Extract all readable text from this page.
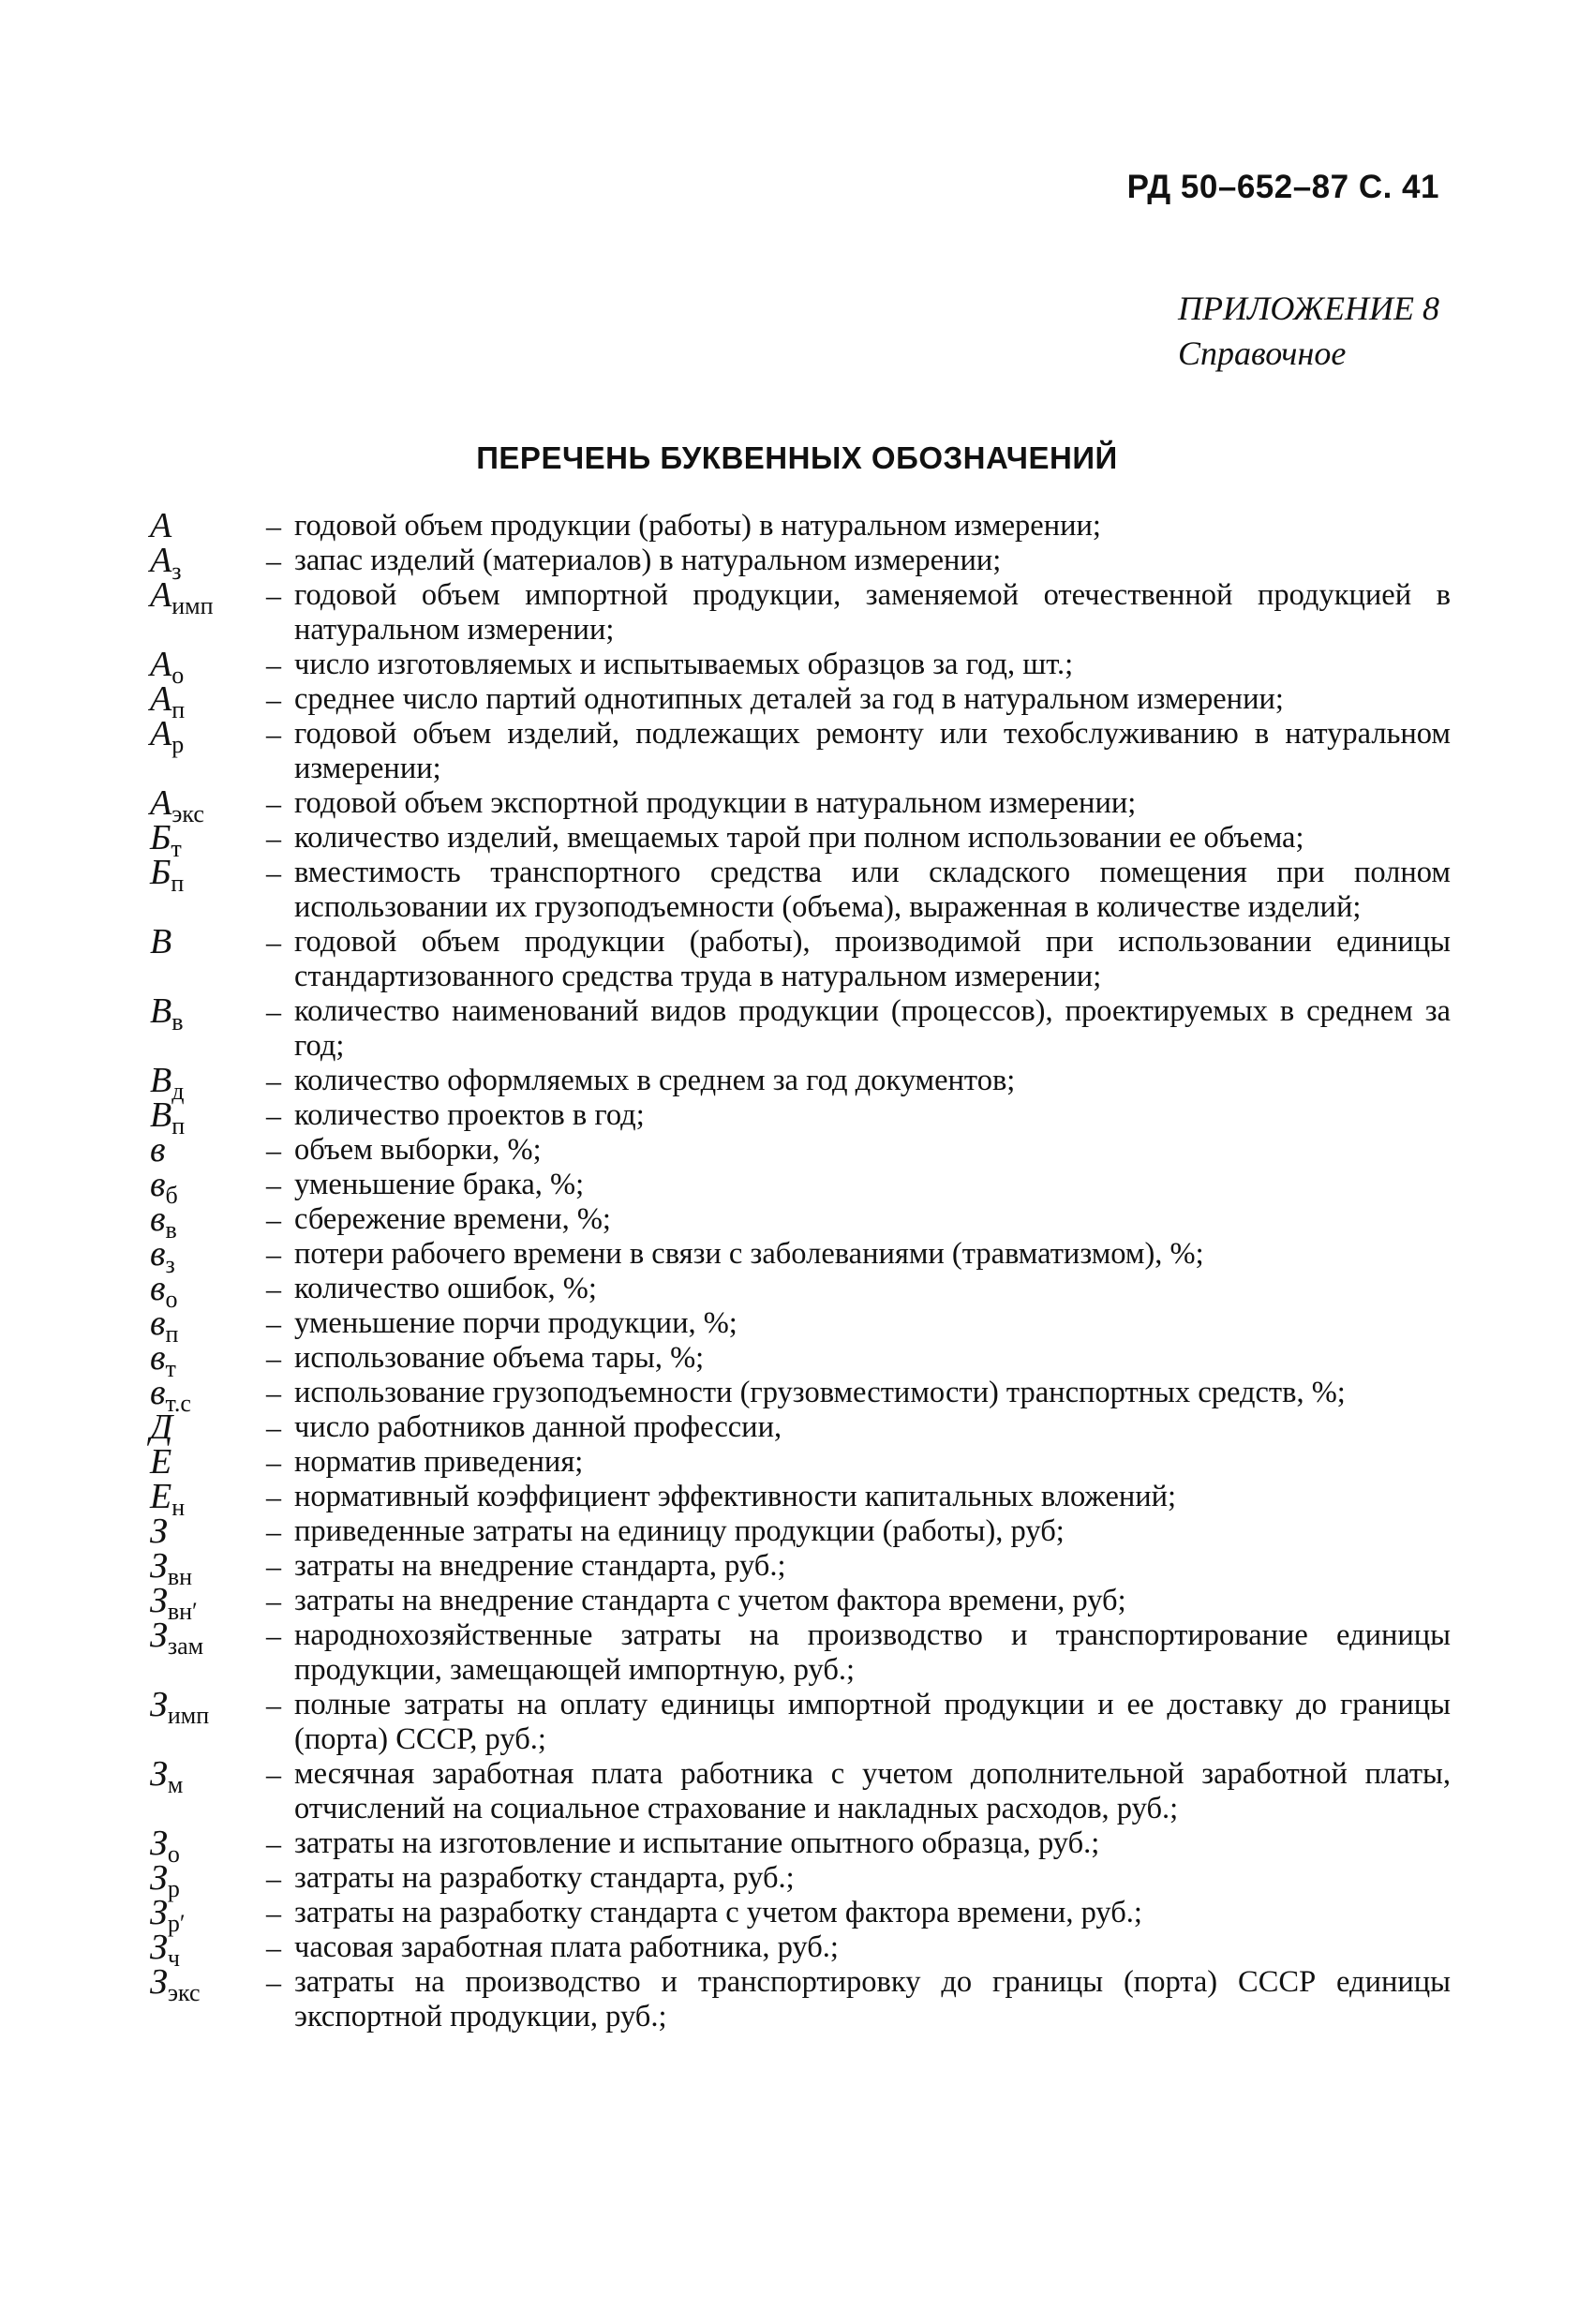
РД 50–652–87 С. 41
ПРИЛОЖЕНИЕ 8
Справочное
ПЕРЕЧЕНЬ БУКВЕННЫХ ОБОЗНАЧЕНИЙ
А	– годовой объем продукции (работы) в натуральном измерении;
$А_з$	– запас изделий (материалов) в натуральном измерении;
$А_{имп}$	– годовой объем импортной продукции, заменяемой отечественной продукцией в натуральном измерении;
$А_о$	– число изготовляемых и испытываемых образцов за год, шт.;
$А_п$	– среднее число партий однотипных деталей за год в натуральном измерении;
$А_р$	– годовой объем изделий, подлежащих ремонту или техобслуживанию в натуральном измерении;
$А_{экс}$	– годовой объем экспортной продукции в натуральном измерении;
$Б_т$	– количество изделий, вмещаемых тарой при полном использовании ее объема;
$Б_п$	– вместимость транспортного средства или складского помещения при полном использовании их грузоподъемности (объема), выраженная в количестве изделий;
В	– годовой объем продукции (работы), производимой при использовании единицы стандартизованного средства труда в натуральном измерении;
$В_в$	– количество наименований видов продукции (процессов), проектируемых в среднем за год;
$В_д$	– количество оформляемых в среднем за год документов;
$В_п$	– количество проектов в год;
в	– объем выборки, %;
$в_б$	– уменьшение брака, %;
$в_в$	– сбережение времени, %;
$в_з$	– потери рабочего времени в связи с заболеваниями (травматизмом), %;
$в_о$	– количество ошибок, %;
$в_п$	– уменьшение порчи продукции, %;
$в_т$	– использование объема тары, %;
$в_{т.с}$	– использование грузоподъемности (грузовместимости) транспортных средств, %;
Д	– число работников данной профессии,
Е	– норматив приведения;
$Е_н$	– нормативный коэффициент эффективности капитальных вложений;
З	– приведенные затраты на единицу продукции (работы), руб;
$З_{вн}$	– затраты на внедрение стандарта, руб.;
$З_{вн'}$	– затраты на внедрение стандарта с учетом фактора времени, руб;
$З_{зам}$	– народнохозяйственные затраты на производство и транспортирование единицы продукции, замещающей импортную, руб.;
$З_{имп}$	– полные затраты на оплату единицы импортной продукции и ее доставку до границы (порта) СССР, руб.;
$З_м$	– месячная заработная плата работника с учетом дополнительной заработной платы, отчислений на социальное страхование и накладных расходов, руб.;
$З_о$	– затраты на изготовление и испытание опытного образца, руб.;
$З_р$	– затраты на разработку стандарта, руб.;
$З_{р'}$	– затраты на разработку стандарта с учетом фактора времени, руб.;
$З_ч$	– часовая заработная плата работника, руб.;
$З_{экс}$	– затраты на производство и транспортировку до границы (порта) СССР единицы экспортной продукции, руб.;
